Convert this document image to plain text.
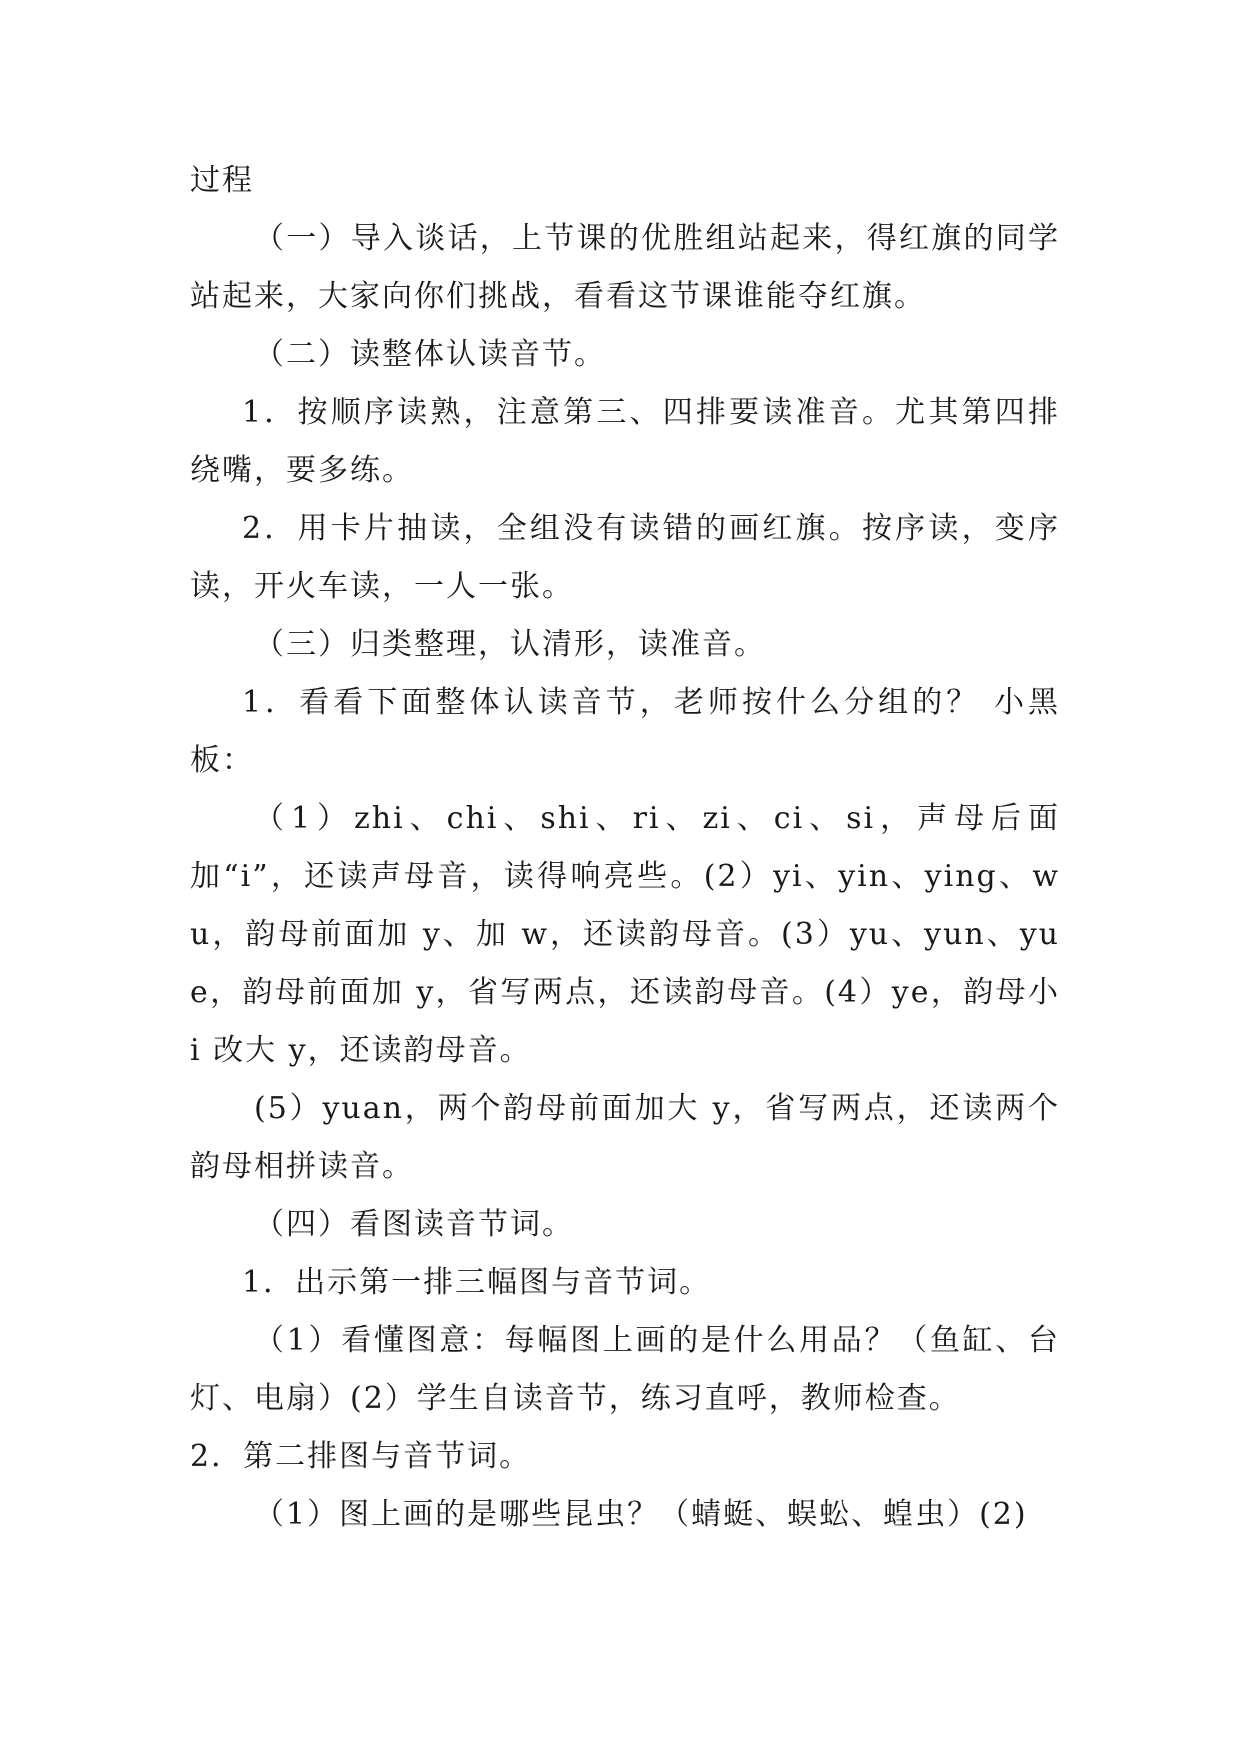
过程

（一）导入谈话，上节课的优胜组站起来，得红旗的同学站起来，大家向你们挑战，看看这节课谁能夺红旗。

（二）读整体认读音节。

1．按顺序读熟，注意第三、四排要读准音。尤其第四排绕嘴，要多练。

2．用卡片抽读，全组没有读错的画红旗。按序读，变序读，开火车读，一人一张。

（三）归类整理，认清形，读准音。

1．看看下面整体认读音节，老师按什么分组的？ 小黑板：

（1）zhi、chi、shi、ri、zi、ci、si，声母后面加“i”，还读声母音，读得响亮些。(2）yi、yin、ying、wu，韵母前面加 y、加 w，还读韵母音。(3）yu、yun、yue，韵母前面加 y，省写两点，还读韵母音。(4）ye，韵母小 i 改大 y，还读韵母音。

(5）yuan，两个韵母前面加大 y，省写两点，还读两个韵母相拼读音。

（四）看图读音节词。

1．出示第一排三幅图与音节词。

（1）看懂图意：每幅图上画的是什么用品？（鱼缸、台灯、电扇）(2）学生自读音节，练习直呼，教师检查。

2．第二排图与音节词。

（1）图上画的是哪些昆虫？（蜻蜓、蜈蚣、蝗虫）(2)
